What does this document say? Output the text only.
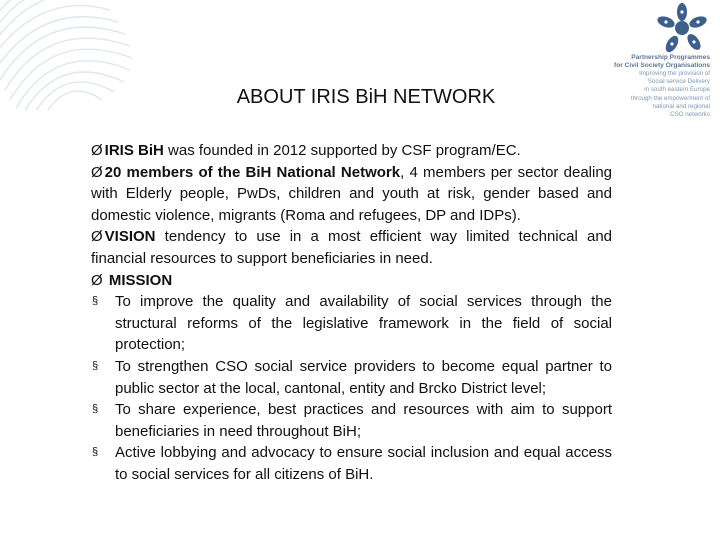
Partnership Programmes
for Civil Society Organisations
Improving the provision of
Social service Delivery
in south eastern Europe
through the empowerment of
national and regional
CSO networks
ABOUT IRIS BiH NETWORK

Ø IRIS BiH was founded in 2012 supported by CSF program/EC.

Ø 20 members of the BiH National Network, 4 members per sector dealing with Elderly people, PwDs, children and youth at risk, gender based and domestic violence, migrants (Roma and refugees, DP and IDPs).

Ø VISION tendency to use in a most efficient way limited technical and financial resources to support beneficiaries in need.

Ø MISSION

§ To improve the quality and availability of social services through the structural reforms of the legislative framework in the field of social protection;

§ To strengthen CSO social service providers to become equal partner to public sector at the local, cantonal, entity and Brcko District level;

§ To share experience, best practices and resources with aim to support beneficiaries in need throughout BiH;

§ Active lobbying and advocacy to ensure social inclusion and equal access to social services for all citizens of BiH.
